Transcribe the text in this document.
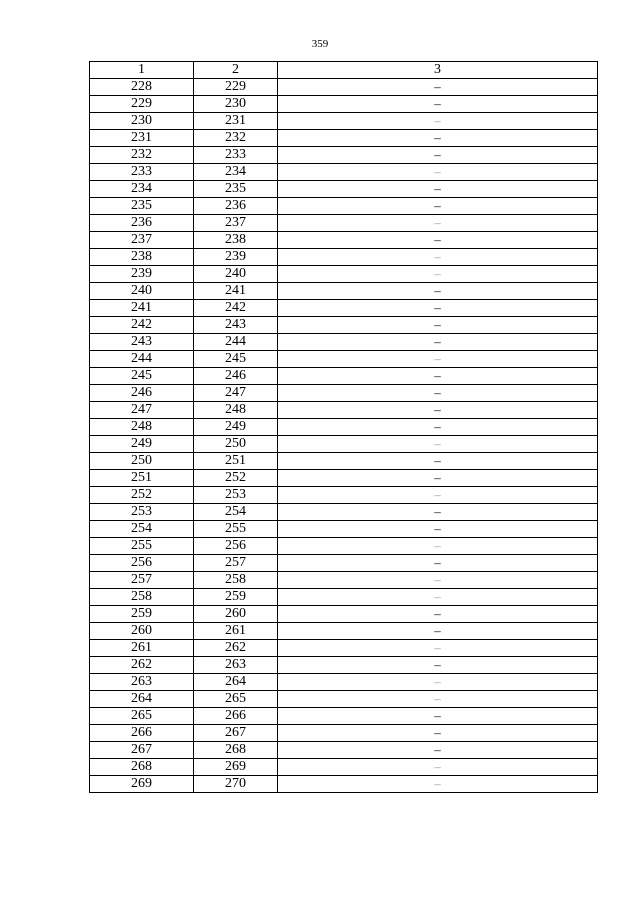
359
1	2	3
228	229	–
229	230	–
230	231	–
231	232	–
232	233	–
233	234	–
234	235	–
235	236	–
236	237	–
237	238	–
238	239	–
239	240	–
240	241	–
241	242	–
242	243	–
243	244	–
244	245	–
245	246	–
246	247	–
247	248	–
248	249	–
249	250	–
250	251	–
251	252	–
252	253	–
253	254	–
254	255	–
255	256	–
256	257	–
257	258	–
258	259	–
259	260	–
260	261	–
261	262	–
262	263	–
263	264	–
264	265	–
265	266	–
266	267	–
267	268	–
268	269	–
269	270	–
